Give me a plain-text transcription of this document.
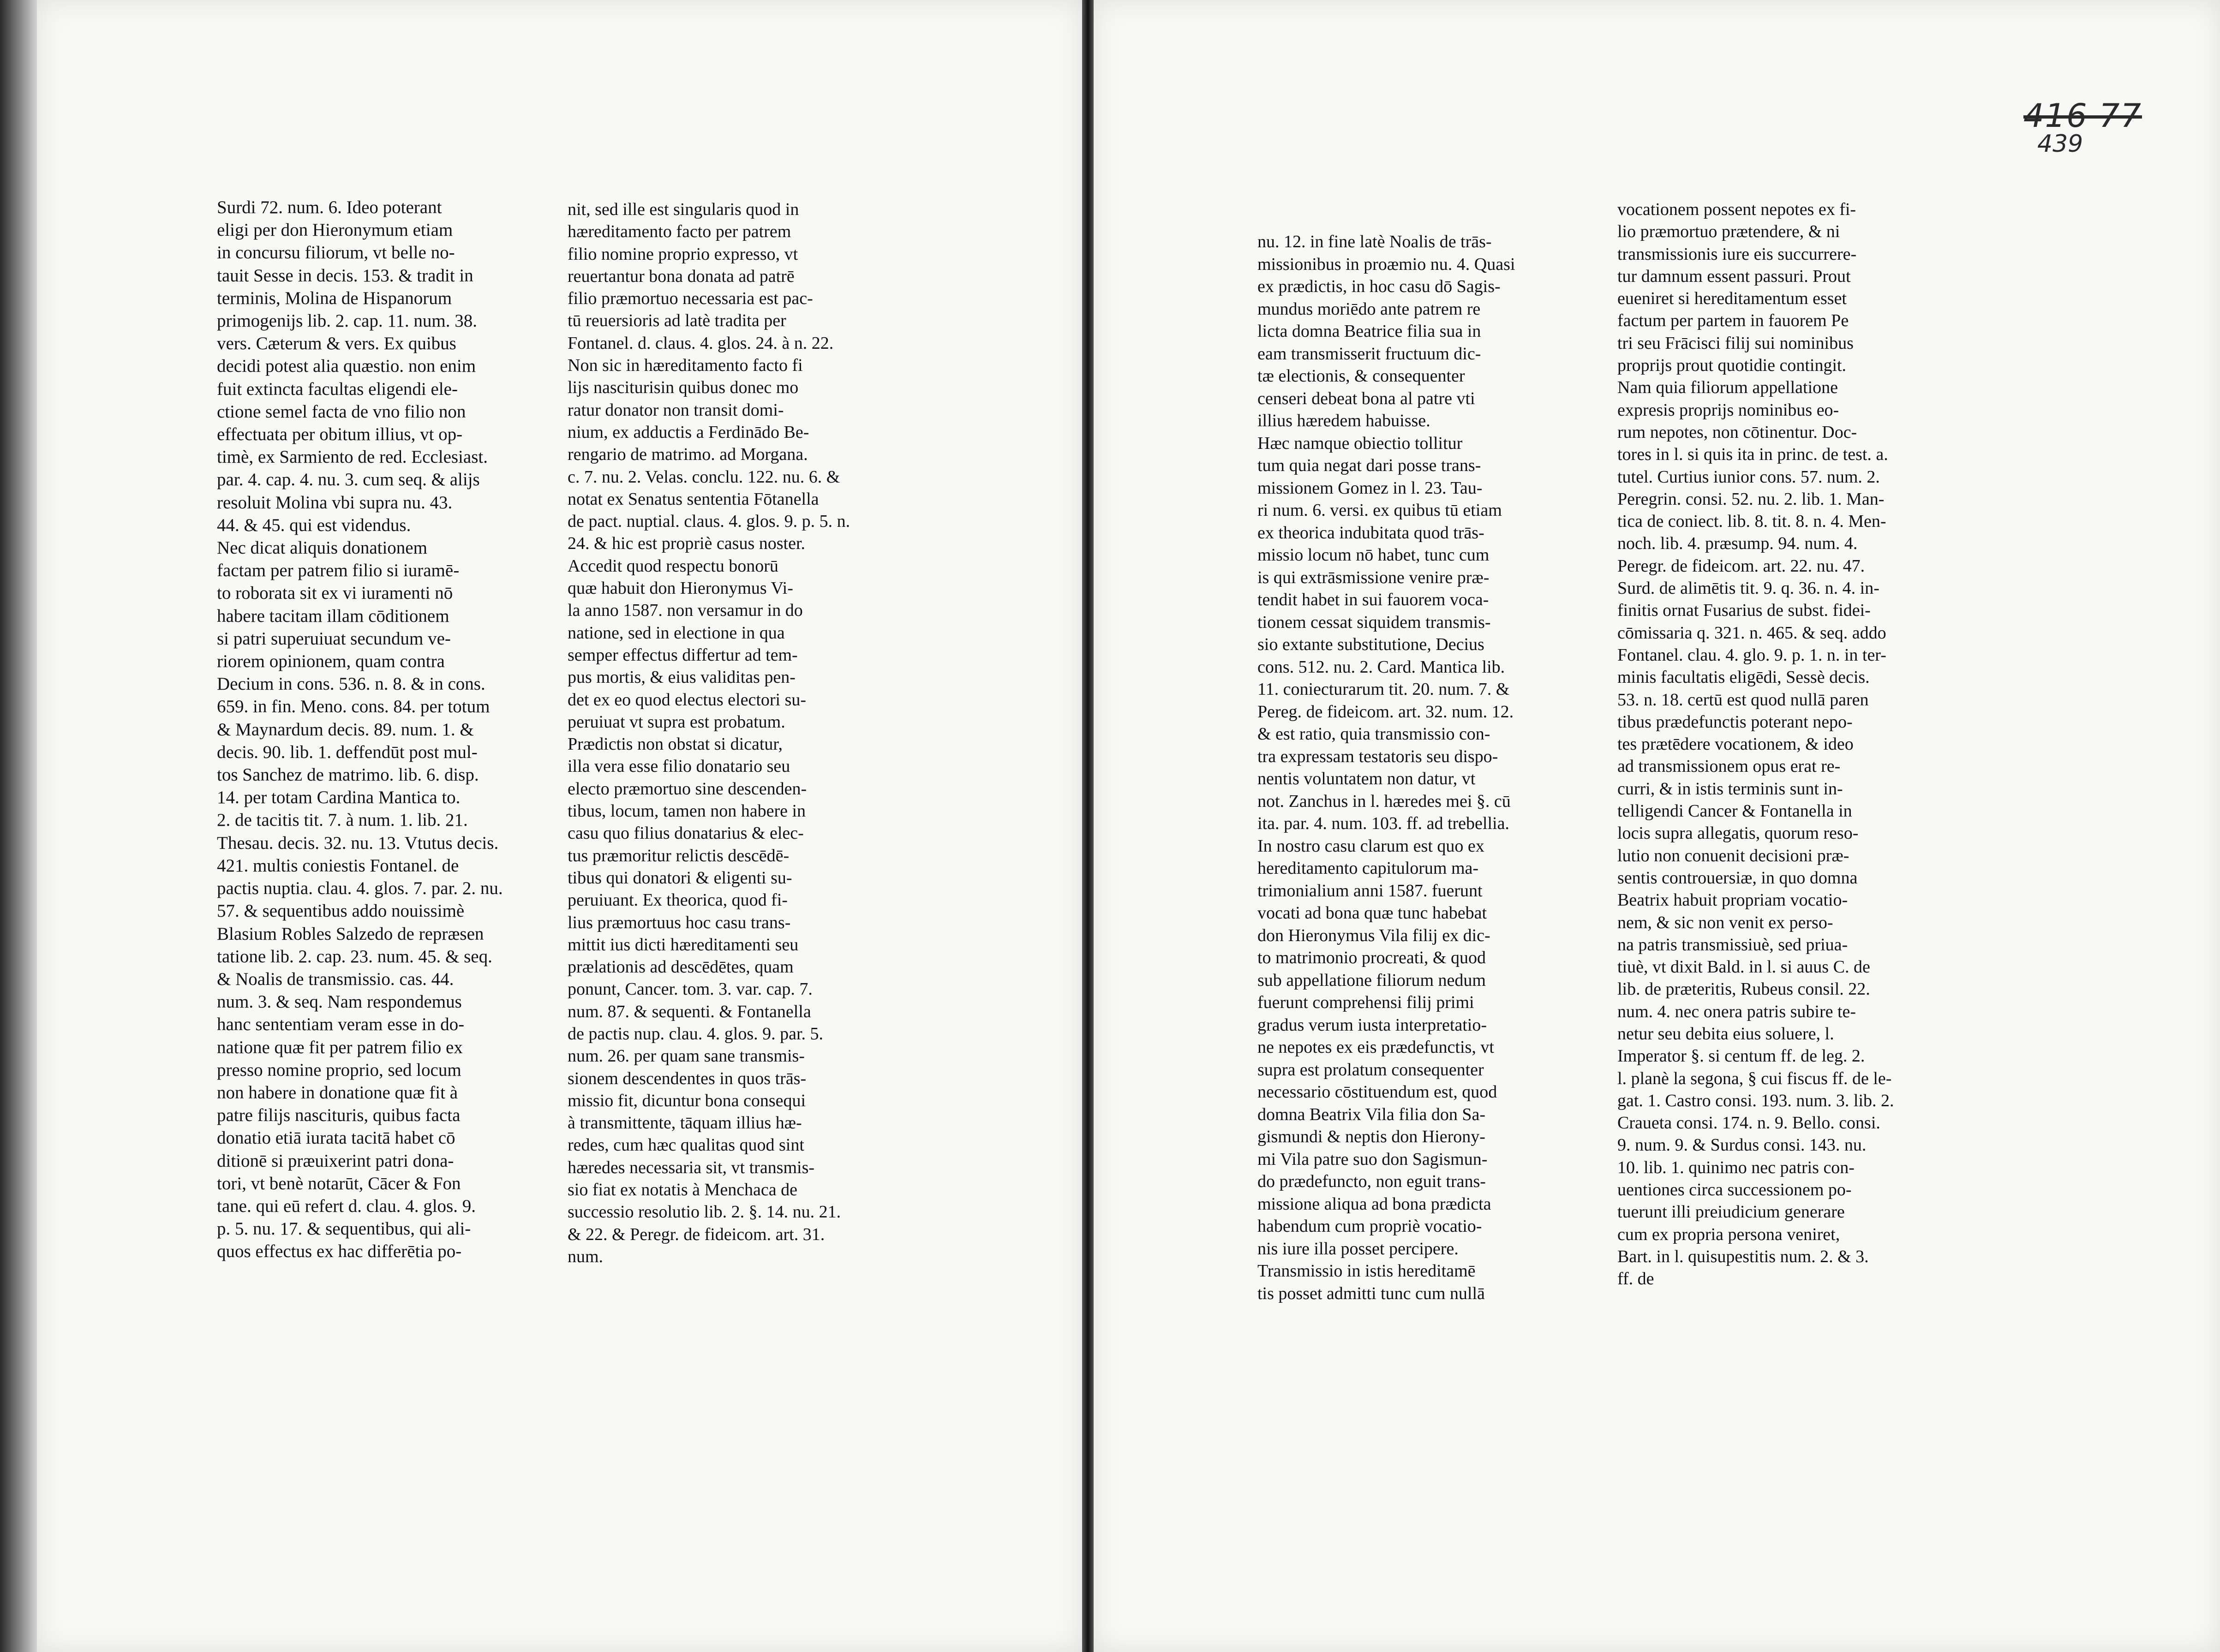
416 77
439
Surdi 72. num. 6. Ideo poterant
eligi per don Hieronymum etiam
in concursu filiorum, vt belle no-
tauit Sesse in decis. 153. & tradit in
terminis, Molina de Hispanorum
primogenijs lib. 2. cap. 11. num. 38.
vers. Cæterum & vers. Ex quibus
decidi potest alia quæstio. non enim
fuit extincta facultas eligendi ele-
ctione semel facta de vno filio non
effectuata per obitum illius, vt op-
timè, ex Sarmiento de red. Ecclesiast.
par. 4. cap. 4. nu. 3. cum seq. & alijs
resoluit Molina vbi supra nu. 43.
44. & 45. qui est videndus.
Nec dicat aliquis donationem
factam per patrem filio si iuramē-
to roborata sit ex vi iuramenti nō
habere tacitam illam cōditionem
si patri superuiuat secundum ve-
riorem opinionem, quam contra
Decium in cons. 536. n. 8. & in cons.
659. in fin. Meno. cons. 84. per totum
& Maynardum decis. 89. num. 1. &
decis. 90. lib. 1. deffendūt post mul-
tos Sanchez de matrimo. lib. 6. disp.
14. per totam Cardina Mantica to.
2. de tacitis tit. 7. à num. 1. lib. 21.
Thesau. decis. 32. nu. 13. Vtutus decis.
421. multis coniestis Fontanel. de
pactis nuptia. clau. 4. glos. 7. par. 2. nu.
57. & sequentibus addo nouissimè
Blasium Robles Salzedo de repræsen
tatione lib. 2. cap. 23. num. 45. & seq.
& Noalis de transmissio. cas. 44.
num. 3. & seq. Nam respondemus
hanc sententiam veram esse in do-
natione quæ fit per patrem filio ex
presso nomine proprio, sed locum
non habere in donatione quæ fit à
patre filijs nascituris, quibus facta
donatio etiā iurata tacitā habet cō
ditionē si præuixerint patri dona-
tori, vt benè notarūt, Cācer & Fon
tane. qui eū refert d. clau. 4. glos. 9.
p. 5. nu. 17. & sequentibus, qui ali-
quos effectus ex hac differētia po-
nit, sed ille est singularis quod in
hæreditamento facto per patrem
filio nomine proprio expresso, vt
reuertantur bona donata ad patrē
filio præmortuo necessaria est pac-
tū reuersioris ad latè tradita per
Fontanel. d. claus. 4. glos. 24. à n. 22.
Non sic in hæreditamento facto fi
lijs nasciturisin quibus donec mo
ratur donator non transit domi-
nium, ex adductis a Ferdinādo Be-
rengario de matrimo. ad Morgana.
c. 7. nu. 2. Velas. conclu. 122. nu. 6. &
notat ex Senatus sententia Fōtanella
de pact. nuptial. claus. 4. glos. 9. p. 5. n.
24. & hic est propriè casus noster.
Accedit quod respectu bonorū
quæ habuit don Hieronymus Vi-
la anno 1587. non versamur in do
natione, sed in electione in qua
semper effectus differtur ad tem-
pus mortis, & eius validitas pen-
det ex eo quod electus electori su-
peruiuat vt supra est probatum.
Prædictis non obstat si dicatur,
illa vera esse filio donatario seu
electo præmortuo sine descenden-
tibus, locum, tamen non habere in
casu quo filius donatarius & elec-
tus præmoritur relictis descēdē-
tibus qui donatori & eligenti su-
peruiuant. Ex theorica, quod fi-
lius præmortuus hoc casu trans-
mittit ius dicti hæreditamenti seu
prælationis ad descēdētes, quam
ponunt, Cancer. tom. 3. var. cap. 7.
num. 87. & sequenti. & Fontanella
de pactis nup. clau. 4. glos. 9. par. 5.
num. 26. per quam sane transmis-
sionem descendentes in quos trās-
missio fit, dicuntur bona consequi
à transmittente, tāquam illius hæ-
redes, cum hæc qualitas quod sint
hæredes necessaria sit, vt transmis-
sio fiat ex notatis à Menchaca de
successio resolutio lib. 2. §. 14. nu. 21.
& 22. & Peregr. de fideicom. art. 31.
num.
nu. 12. in fine latè Noalis de trās-
missionibus in proæmio nu. 4. Quasi
ex prædictis, in hoc casu dō Sagis-
mundus moriēdo ante patrem re
licta domna Beatrice filia sua in
eam transmisserit fructuum dic-
tæ electionis, & consequenter
censeri debeat bona al patre vti
illius hæredem habuisse.
Hæc namque obiectio tollitur
tum quia negat dari posse trans-
missionem Gomez in l. 23. Tau-
ri num. 6. versi. ex quibus tū etiam
ex theorica indubitata quod trās-
missio locum nō habet, tunc cum
is qui extrāsmissione venire præ-
tendit habet in sui fauorem voca-
tionem cessat siquidem transmis-
sio extante substitutione, Decius
cons. 512. nu. 2. Card. Mantica lib.
11. coniecturarum tit. 20. num. 7. &
Pereg. de fideicom. art. 32. num. 12.
& est ratio, quia transmissio con-
tra expressam testatoris seu dispo-
nentis voluntatem non datur, vt
not. Zanchus in l. hæredes mei §. cū
ita. par. 4. num. 103. ff. ad trebellia.
In nostro casu clarum est quo ex
hereditamento capitulorum ma-
trimonialium anni 1587. fuerunt
vocati ad bona quæ tunc habebat
don Hieronymus Vila filij ex dic-
to matrimonio procreati, & quod
sub appellatione filiorum nedum
fuerunt comprehensi filij primi
gradus verum iusta interpretatio-
ne nepotes ex eis prædefunctis, vt
supra est prolatum consequenter
necessario cōstituendum est, quod
domna Beatrix Vila filia don Sa-
gismundi & neptis don Hierony-
mi Vila patre suo don Sagismun-
do prædefuncto, non eguit trans-
missione aliqua ad bona prædicta
habendum cum propriè vocatio-
nis iure illa posset percipere.
Transmissio in istis hereditamē
tis posset admitti tunc cum nullā
vocationem possent nepotes ex fi-
lio præmortuo prætendere, & ni
transmissionis iure eis succurrere-
tur damnum essent passuri. Prout
eueniret si hereditamentum esset
factum per partem in fauorem Pe
tri seu Frācisci filij sui nominibus
proprijs prout quotidie contingit.
Nam quia filiorum appellatione
expresis proprijs nominibus eo-
rum nepotes, non cōtinentur. Doc-
tores in l. si quis ita in princ. de test. a.
tutel. Curtius iunior cons. 57. num. 2.
Peregrin. consi. 52. nu. 2. lib. 1. Man-
tica de coniect. lib. 8. tit. 8. n. 4. Men-
noch. lib. 4. præsump. 94. num. 4.
Peregr. de fideicom. art. 22. nu. 47.
Surd. de alimētis tit. 9. q. 36. n. 4. in-
finitis ornat Fusarius de subst. fidei-
cōmissaria q. 321. n. 465. & seq. addo
Fontanel. clau. 4. glo. 9. p. 1. n. in ter-
minis facultatis eligēdi, Sessè decis.
53. n. 18. certū est quod nullā paren
tibus prædefunctis poterant nepo-
tes prætēdere vocationem, & ideo
ad transmissionem opus erat re-
curri, & in istis terminis sunt in-
telligendi Cancer & Fontanella in
locis supra allegatis, quorum reso-
lutio non conuenit decisioni præ-
sentis controuersiæ, in quo domna
Beatrix habuit propriam vocatio-
nem, & sic non venit ex perso-
na patris transmissiuè, sed priua-
tiuè, vt dixit Bald. in l. si auus C. de
lib. de præteritis, Rubeus consil. 22.
num. 4. nec onera patris subire te-
netur seu debita eius soluere, l.
Imperator §. si centum ff. de leg. 2.
l. planè la segona, § cui fiscus ff. de le-
gat. 1. Castro consi. 193. num. 3. lib. 2.
Craueta consi. 174. n. 9. Bello. consi.
9. num. 9. & Surdus consi. 143. nu.
10. lib. 1. quinimo nec patris con-
uentiones circa successionem po-
tuerunt illi preiudicium generare
cum ex propria persona veniret,
Bart. in l. quisupestitis num. 2. & 3.
ff. de
